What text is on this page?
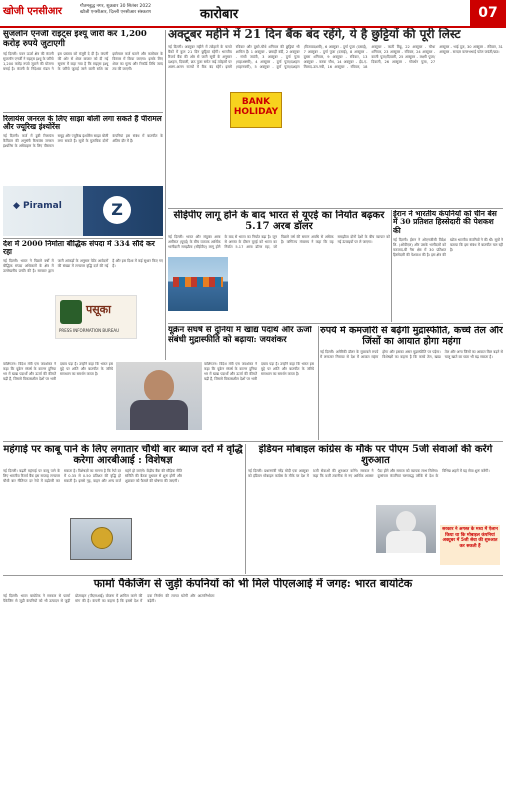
खोजी एनसीआर	गौतमबुद्ध नगर, शुक्रवार 30 सितंबर 2022
खोजी एनसीआर, दिल्ली एनसीआर संस्करण	कारोबार	07
सुजलॉन एनर्जी राइट्स इश्यू जारी कर 1,200 करोड़ रुपये जुटाएगी
नई दिल्ली। पवन ऊर्जा क्षेत्र की कंपनी सुजलॉन एनर्जी ने राइट्स इश्यू के जरिये 1,200 करोड़ रुपये जुटाने की योजना बनाई है। कंपनी के निदेशक मंडल ने इस प्रस्ताव को मंजूरी दे दी है। कंपनी की ओर से शेयर बाजार को दी गई सूचना में कहा गया है कि राइट्स इश्यू के जरिये जुटाई जाने वाली राशि का इस्तेमाल कर्ज घटाने और कारोबार के विस्तार में किया जाएगा। इसके लिए शेयर का मूल्य और रिकॉर्ड तिथि जल्द तय की जाएगी।
रिलायंस जनरल के लिए साझा बोली लगा सकते हैं पीरामल और ज्यूरिख इंश्योरेंस
नई दिल्ली। कर्ज में डूबी रिलायंस कैपिटल की अनुषंगी रिलायंस जनरल इंश्योरेंस के अधिग्रहण के लिए पीरामल समूह और ज्यूरिख इंश्योरेंस साझा बोली लगा सकते हैं। सूत्रों के मुताबिक दोनों कंपनियां इस संबंध में बातचीत के अंतिम दौर में हैं।
◆ Piramal	Z
देश में 2000 निर्माता बौद्धिक संपदा में 334 सौदे कर रहा
नई दिल्ली। भारत ने पिछले वर्षों में बौद्धिक संपदा अधिकारों के क्षेत्र में उल्लेखनीय प्रगति की है। सरकार द्वारा जारी आंकड़ों के अनुसार पेटेंट आवेदनों की संख्या में लगातार वृद्धि दर्ज की गई है और इस दिशा में कई सुधार किए गए हैं।
पसूका
PRESS INFORMATION BUREAU
अक्टूबर महीने में 21 दिन बैंक बंद रहेंगे, ये है छुट्टियों की पूरी लिस्ट
नई दिल्ली। अक्टूबर महीने में त्योहारों के चलते बैंकों में कुल 21 दिन छुट्टियां रहेंगी। भारतीय रिजर्व बैंक की ओर से जारी सूची के अनुसार दशहरा, दिवाली, छठ पूजा समेत कई त्योहारों पर अलग-अलग राज्यों में बैंक बंद रहेंगे। इसमें रविवार और दूसरे-चौथे शनिवार की छुट्टियां भी शामिल हैं। 1 अक्टूबर - छमाही बंदी, 2 अक्टूबर - गांधी जयंती, 3 अक्टूबर - दुर्गा पूजा (महाअष्टमी), 4 अक्टूबर - दुर्गा पूजा/दशहरा (महानवमी), 5 अक्टूबर - दुर्गा पूजा/दशहरा (विजयादशमी), 6 अक्टूबर - दुर्गा पूजा (दसाईं), 7 अक्टूबर - दुर्गा पूजा (दसाईं), 8 अक्टूबर - दूसरा शनिवार, 9 अक्टूबर - रविवार, 13 अक्टूबर - करवा चौथ, 14 अक्टूबर - ईद-ए-मिलाद-उल-नबी, 16 अक्टूबर - रविवार, 18 अक्टूबर - काटी बिहू, 22 अक्टूबर - चौथा शनिवार, 23 अक्टूबर - रविवार, 24 अक्टूबर - काली पूजा/दिवाली, 25 अक्टूबर - लक्ष्मी पूजा/दिवाली, 26 अक्टूबर - गोवर्धन पूजा, 27 अक्टूबर - भाई दूज, 30 अक्टूबर - रविवार, 31 अक्टूबर - सरदार वल्लभभाई पटेल जयंती/छठ।
BANK
HOLIDAY
सीईपीए लागू होने के बाद भारत से यूएई का निर्यात बढ़कर 5.17 अरब डॉलर
नई दिल्ली। भारत और संयुक्त अरब अमीरात (यूएई) के बीच व्यापक आर्थिक भागीदारी समझौता (सीईपीए) लागू होने के बाद से भारत का निर्यात बढ़ा है। जून से अगस्त के दौरान यूएई को भारत का निर्यात 5.17 अरब डॉलर रहा, जो पिछले वर्ष की समान अवधि से अधिक है। वाणिज्य मंत्रालय ने कहा कि यह समझौता दोनों देशों के बीच व्यापार को नई ऊंचाइयों पर ले जाएगा।
ईरान ने भारतीय कंपनियों को चीन बेस में 30 प्रतिशत हिस्सेदारी की पेशकश की
नई दिल्ली। ईरान ने ओएनजीसी विदेश लि. (ओवीएल) और उसके भागीदारों को फरजाद-बी गैस क्षेत्र में 30 प्रतिशत हिस्सेदारी की पेशकश की है। इस क्षेत्र की खोज भारतीय कंपनियों ने की थी। सूत्रों ने बताया कि इस संबंध में बातचीत चल रही है।
यूक्रेन संघर्ष से दुनिया में खाद्य पदार्थ और ऊर्जा संबंधी मुद्रास्फीति को बढ़ाया: जयशंकर
वाशिंगटन। विदेश मंत्री एस जयशंकर ने कहा कि यूक्रेन संघर्ष के कारण दुनिया भर में खाद्य पदार्थों और ऊर्जा की कीमतें बढ़ी हैं, जिससे विकासशील देशों पर भारी दबाव पड़ा है। उन्होंने कहा कि भारत इस मुद्दे पर शांति और बातचीत के जरिये समाधान का समर्थन करता है।
वाशिंगटन। विदेश मंत्री एस जयशंकर ने कहा कि यूक्रेन संघर्ष के कारण दुनिया भर में खाद्य पदार्थों और ऊर्जा की कीमतें बढ़ी हैं, जिससे विकासशील देशों पर भारी दबाव पड़ा है। उन्होंने कहा कि भारत इस मुद्दे पर शांति और बातचीत के जरिये समाधान का समर्थन करता है।
रुपये में कमजोरी से बढ़ेगी मुद्रास्फीति, कच्चे तेल और जिंसों का आयात होगा महंगा
नई दिल्ली। अमेरिकी डॉलर के मुकाबले रुपये में लगातार गिरावट से देश में आयात महंगा होगा और इसका असर मुद्रास्फीति पर पड़ेगा। विशेषज्ञों का कहना है कि कच्चे तेल, खाद्य तेल और अन्य जिंसों का आयात बिल बढ़ने से चालू खाते का घाटा भी बढ़ सकता है।
महंगाई पर काबू पाने के लिए लगातार चौथी बार ब्याज दरों में वृद्धि करेगा आरबीआई : विशेषज्ञ
नई दिल्ली। बढ़ती महंगाई पर काबू पाने के लिए भारतीय रिजर्व बैंक इस सप्ताह लगातार चौथी बार नीतिगत दर रेपो में बढ़ोतरी कर सकता है। विशेषज्ञों का मानना है कि रेपो दर में 0.35 से 0.50 प्रतिशत की वृद्धि हो सकती है। इससे गृह, वाहन और अन्य कर्ज महंगे हो जाएंगे। केंद्रीय बैंक की मौद्रिक नीति समिति की बैठक बुधवार से शुरू होगी और शुक्रवार को फैसले की घोषणा की जाएगी।
इंडियन मोबाइल कांग्रेस के मौके पर पीएम 5जी सेवाओं की करेंगे शुरुआत
नई दिल्ली। प्रधानमंत्री नरेंद्र मोदी एक अक्टूबर को इंडियन मोबाइल कांग्रेस के मौके पर देश में 5जी सेवाओं की शुरुआत करेंगे। सरकार ने कहा कि 5जी तकनीक से नए आर्थिक अवसर पैदा होंगे और समाज को व्यापक लाभ मिलेगा। दूरसंचार कंपनियां चरणबद्ध तरीके से देश के विभिन्न शहरों में यह सेवा शुरू करेंगी।
सरकार ने अगस्त के मध्य में ऐलान किया था कि मोबाइल कंपनियां अक्टूबर में 5जी सेवा की शुरुआत कर सकती हैं
फार्मा पैकेजिंग से जुड़ी कंपनियों को भी मिले पीएलआई में जगह: भारत बायोटेक
नई दिल्ली। भारत बायोटेक ने सरकार से फार्मा पैकेजिंग से जुड़ी कंपनियों को भी उत्पादन से जुड़ी प्रोत्साहन (पीएलआई) योजना में शामिल करने की मांग की है। कंपनी का कहना है कि इससे देश में दवा निर्माण की लागत घटेगी और आत्मनिर्भरता बढ़ेगी।
